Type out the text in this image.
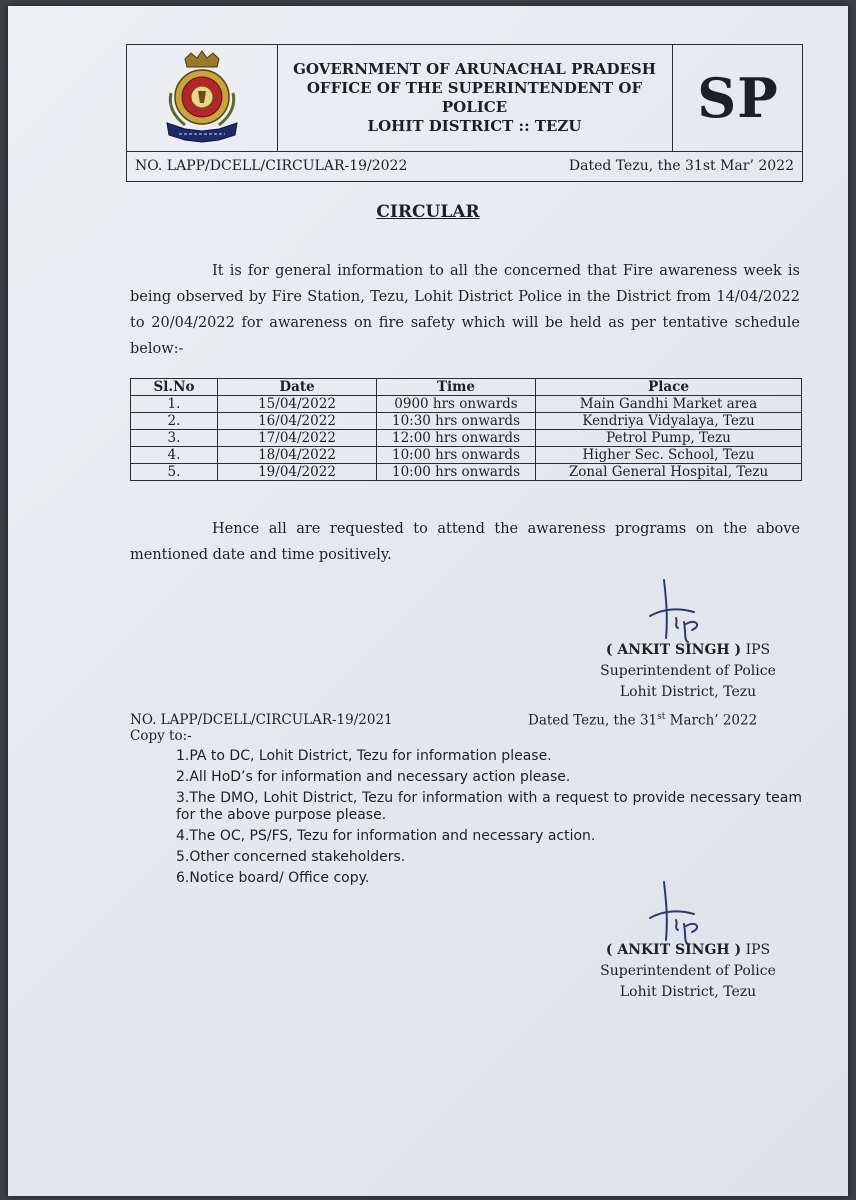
GOVERNMENT OF ARUNACHAL PRADESH
OFFICE OF THE SUPERINTENDENT OF POLICE
LOHIT DISTRICT :: TEZU	SP
NO. LAPP/DCELL/CIRCULAR-19/2022	Dated Tezu, the 31st Mar’ 2022
CIRCULAR
It is for general information to all the concerned that Fire awareness week is being observed by Fire Station, Tezu, Lohit District Police in the District from 14/04/2022 to 20/04/2022 for awareness on fire safety which will be held as per tentative schedule below:-
Sl.No	Date	Time	Place
1.	15/04/2022	0900 hrs onwards	Main Gandhi Market area
2.	16/04/2022	10:30 hrs onwards	Kendriya Vidyalaya, Tezu
3.	17/04/2022	12:00 hrs onwards	Petrol Pump, Tezu
4.	18/04/2022	10:00 hrs onwards	Higher Sec. School, Tezu
5.	19/04/2022	10:00 hrs onwards	Zonal General Hospital, Tezu
Hence all are requested to attend the awareness programs on the above mentioned date and time positively.
( ANKIT SINGH ) IPS
Superintendent of Police
Lohit District, Tezu
NO. LAPP/DCELL/CIRCULAR-19/2021	Dated Tezu, the 31st March’ 2022
Copy to:-
1.PA to DC, Lohit District, Tezu for information please.
2.All HoD’s for information and necessary action please.
3.The DMO, Lohit District, Tezu for information with a request to provide necessary team for the above purpose please.
4.The OC, PS/FS, Tezu for information and necessary action.
5.Other concerned stakeholders.
6.Notice board/ Office copy.
( ANKIT SINGH ) IPS
Superintendent of Police
Lohit District, Tezu
